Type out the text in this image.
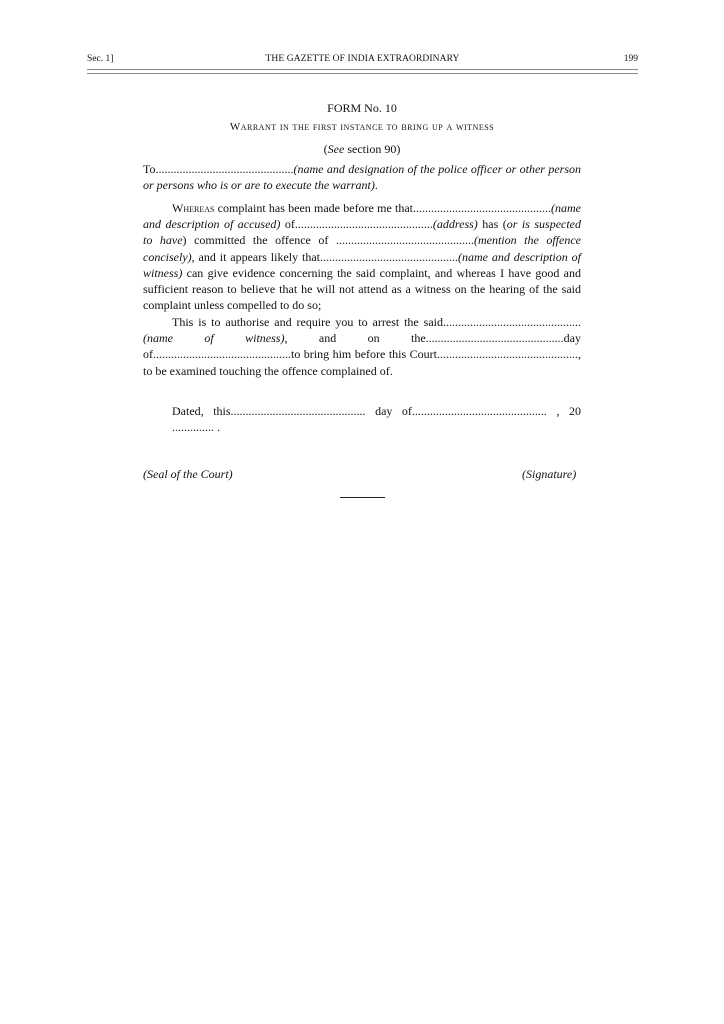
Sec. 1]	THE GAZETTE OF INDIA EXTRAORDINARY	199
FORM No. 10
Warrant in the first instance to bring up a witness
(See section 90)
To..............................................(name and designation of the police officer or other person or persons who is or are to execute the warrant).
Whereas complaint has been made before me that..............................................(name and description of accused) of..............................................(address) has (or is suspected to have) committed the offence of ..............................................(mention the offence concisely), and it appears likely that..............................................(name and description of witness) can give evidence concerning the said complaint, and whereas I have good and sufficient reason to believe that he will not attend as a witness on the hearing of the said complaint unless compelled to do so;
This is to authorise and require you to arrest the said..............................................(name of witness), and on the..............................................day of..............................................to bring him before this Court..............................................., to be examined touching the offence complained of.
Dated, this............................................. day of............................................. , 20 .............. .
(Seal of the Court)	(Signature)
